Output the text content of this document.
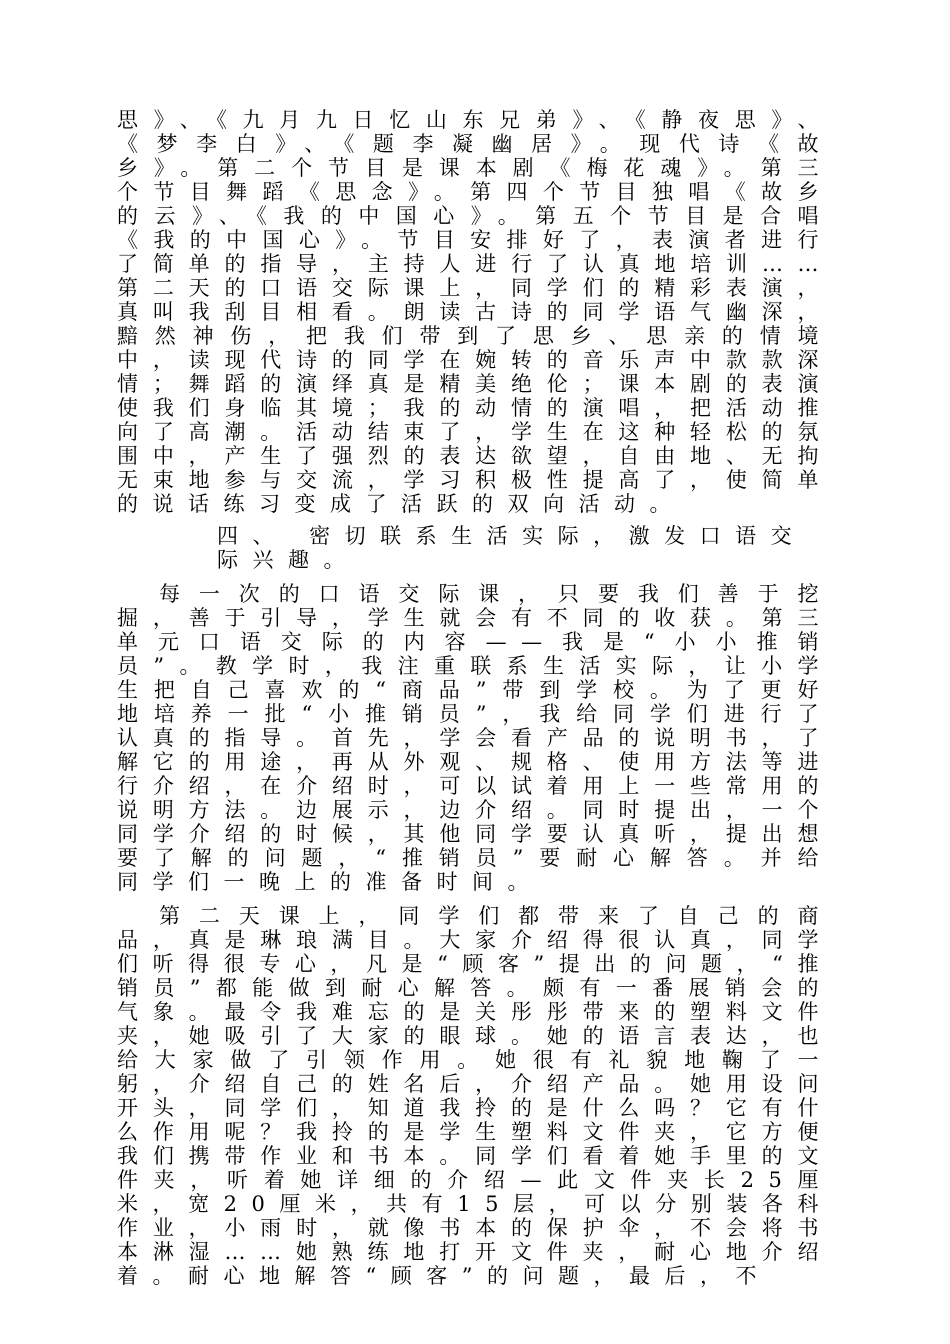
思》、《九月九日忆山东兄弟》、《静夜思》、《梦李白》、《题李凝幽居》。现代诗《故乡》。第二个节目是课本剧《梅花魂》。第三个节目舞蹈《思念》。第四个节目独唱《故乡的云》、《我的中国心》。第五个节目是合唱《我的中国心》。节目安排好了，表演者进行了简单的指导，主持人进行了认真地培训……第二天的口语交际课上，同学们的精彩表演，真叫我刮目相看。朗读古诗的同学语气幽深，黯然神伤，把我们带到了思乡、思亲的情境中，读现代诗的同学在婉转的音乐声中款款深情；舞蹈的演绎真是精美绝伦；课本剧的表演使我们身临其境；我的动情的演唱，把活动推向了高潮。活动结束了，学生在这种轻松的氛围中，产生了强烈的表达欲望，自由地、无拘无束地参与交流，学习积极性提高了，使简单的说话练习变成了活跃的双向活动。

四、 密切联系生活实际，激发口语交际兴趣。

每一次的口语交际课，只要我们善于挖掘，善于引导，学生就会有不同的收获。第三单元口语交际的内容——我是“小小推销员”。教学时，我注重联系生活实际，让小学生把自己喜欢的“商品”带到学校。为了更好地培养一批“小推销员”，我给同学们进行了认真的指导。首先，学会看产品的说明书，了解它的用途，再从外观、规格、使用方法等进行介绍，在介绍时，可以试着用上一些常用的说明方法。边展示，边介绍。同时提出，一个同学介绍的时候，其他同学要认真听，提出想要了解的问题，“推销员”要耐心解答。并给同学们一晚上的准备时间。

第二天课上，同学们都带来了自己的商品，真是琳琅满目。大家介绍得很认真，同学们听得很专心，凡是“顾客”提出的问题，“推销员”都能做到耐心解答。颇有一番展销会的气象。最令我难忘的是关彤彤带来的塑料文件夹，她吸引了大家的眼球。她的语言表达，也给大家做了引领作用。她很有礼貌地鞠了一躬，介绍自己的姓名后，介绍产品。她用设问开头，同学们，知道我拎的是什么吗？它有什么作用呢？我拎的是学生塑料文件夹，它方便我们携带作业和书本。同学们看着她手里的文件夹，听着她详细的介绍—此文件夹长25厘米，宽20厘米，共有15层，可以分别装各科作业，小雨时，就像书本的保护伞，不会将书本淋湿……她熟练地打开文件夹，耐心地介绍着。耐心地解答“顾客”的问题，最后，不
